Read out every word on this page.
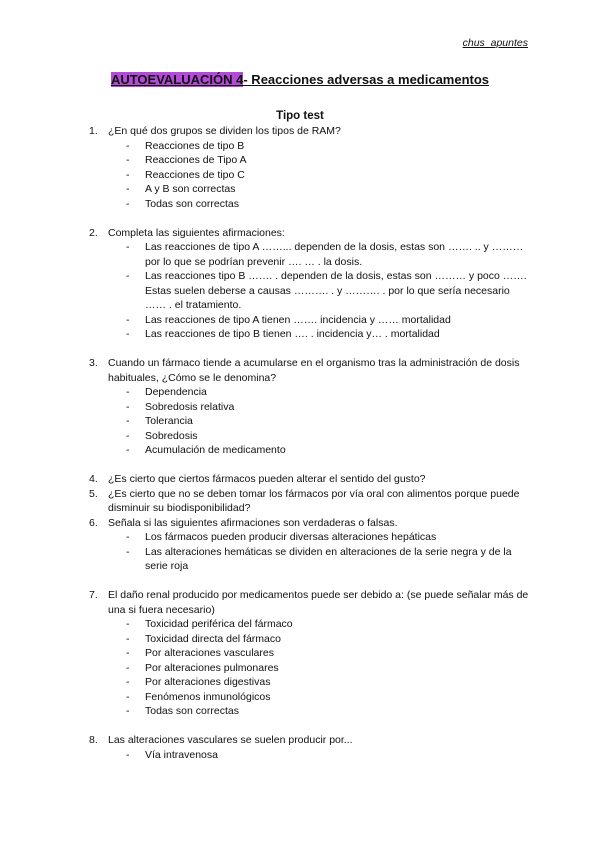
chus_apuntes
AUTOEVALUACIÓN 4- Reacciones adversas a medicamentos
Tipo test
1. ¿En qué dos grupos se dividen los tipos de RAM?
- Reacciones de tipo B
- Reacciones de Tipo A
- Reacciones de tipo C
- A y B son correctas
- Todas son correctas
2. Completa las siguientes afirmaciones:
- Las reacciones de tipo A ……... dependen de la dosis, estas son ……. .. y ……… por lo que se podrían prevenir …. … . la dosis.
- Las reacciones tipo B ……. . dependen de la dosis, estas son ……… y poco ……. Estas suelen deberse a causas ………. . y ………. . por lo que sería necesario …… . el tratamiento.
- Las reacciones de tipo A tienen ……. incidencia y …… mortalidad
- Las reacciones de tipo B tienen …. . incidencia y… . mortalidad
3. Cuando un fármaco tiende a acumularse en el organismo tras la administración de dosis habituales, ¿Cómo se le denomina?
- Dependencia
- Sobredosis relativa
- Tolerancia
- Sobredosis
- Acumulación de medicamento
4. ¿Es cierto que ciertos fármacos pueden alterar el sentido del gusto?
5. ¿Es cierto que no se deben tomar los fármacos por vía oral con alimentos porque puede disminuir su biodisponibilidad?
6. Señala si las siguientes afirmaciones son verdaderas o falsas.
- Los fármacos pueden producir diversas alteraciones hepáticas
- Las alteraciones hemáticas se dividen en alteraciones de la serie negra y de la serie roja
7. El daño renal producido por medicamentos puede ser debido a: (se puede señalar más de una si fuera necesario)
- Toxicidad periférica del fármaco
- Toxicidad directa del fármaco
- Por alteraciones vasculares
- Por alteraciones pulmonares
- Por alteraciones digestivas
- Fenómenos inmunológicos
- Todas son correctas
8. Las alteraciones vasculares se suelen producir por...
- Vía intravenosa
